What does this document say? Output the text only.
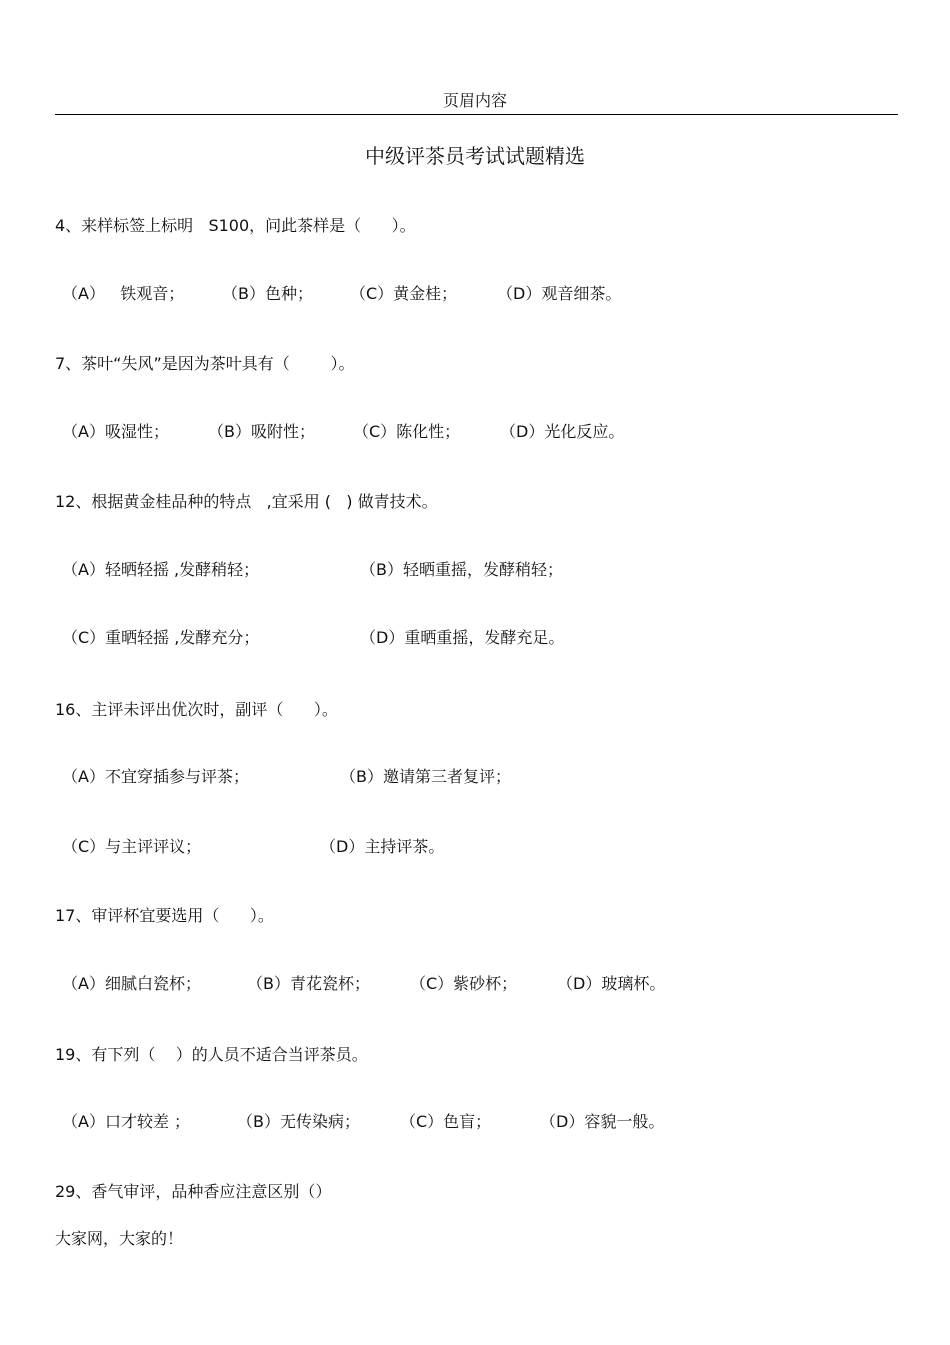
页眉内容
中级评茶员考试试题精选
4、来样标签上标明   S100，问此茶样是（      ）。
（A）   铁观音； （B）色种； （C）黄金桂； （D）观音细茶。
7、茶叶“失风”是因为茶叶具有（        ）。
（A）吸湿性； （B）吸附性； （C）陈化性； （D）光化反应。
12、根据黄金桂品种的特点   ,宜采用 (   ) 做青技术。
（A）轻晒轻摇 ,发酵稍轻；	（B）轻晒重摇，发酵稍轻；
（C）重晒轻摇 ,发酵充分；	（D）重晒重摇，发酵充足。
16、主评未评出优次时，副评（      ）。
（A）不宜穿插参与评茶；	（B）邀请第三者复评；
（C）与主评评议；	（D）主持评茶。
17、审评杯宜要选用（      ）。
（A）细腻白瓷杯；	（B）青花瓷杯；	（C）紫砂杯； （D）玻璃杯。
19、有下列（    ）的人员不适合当评茶员。
（A）口才较差 ；	（B）无传染病；	（C）色盲；	（D）容貌一般。
29、香气审评，品种香应注意区别（）
大家网，大家的！
